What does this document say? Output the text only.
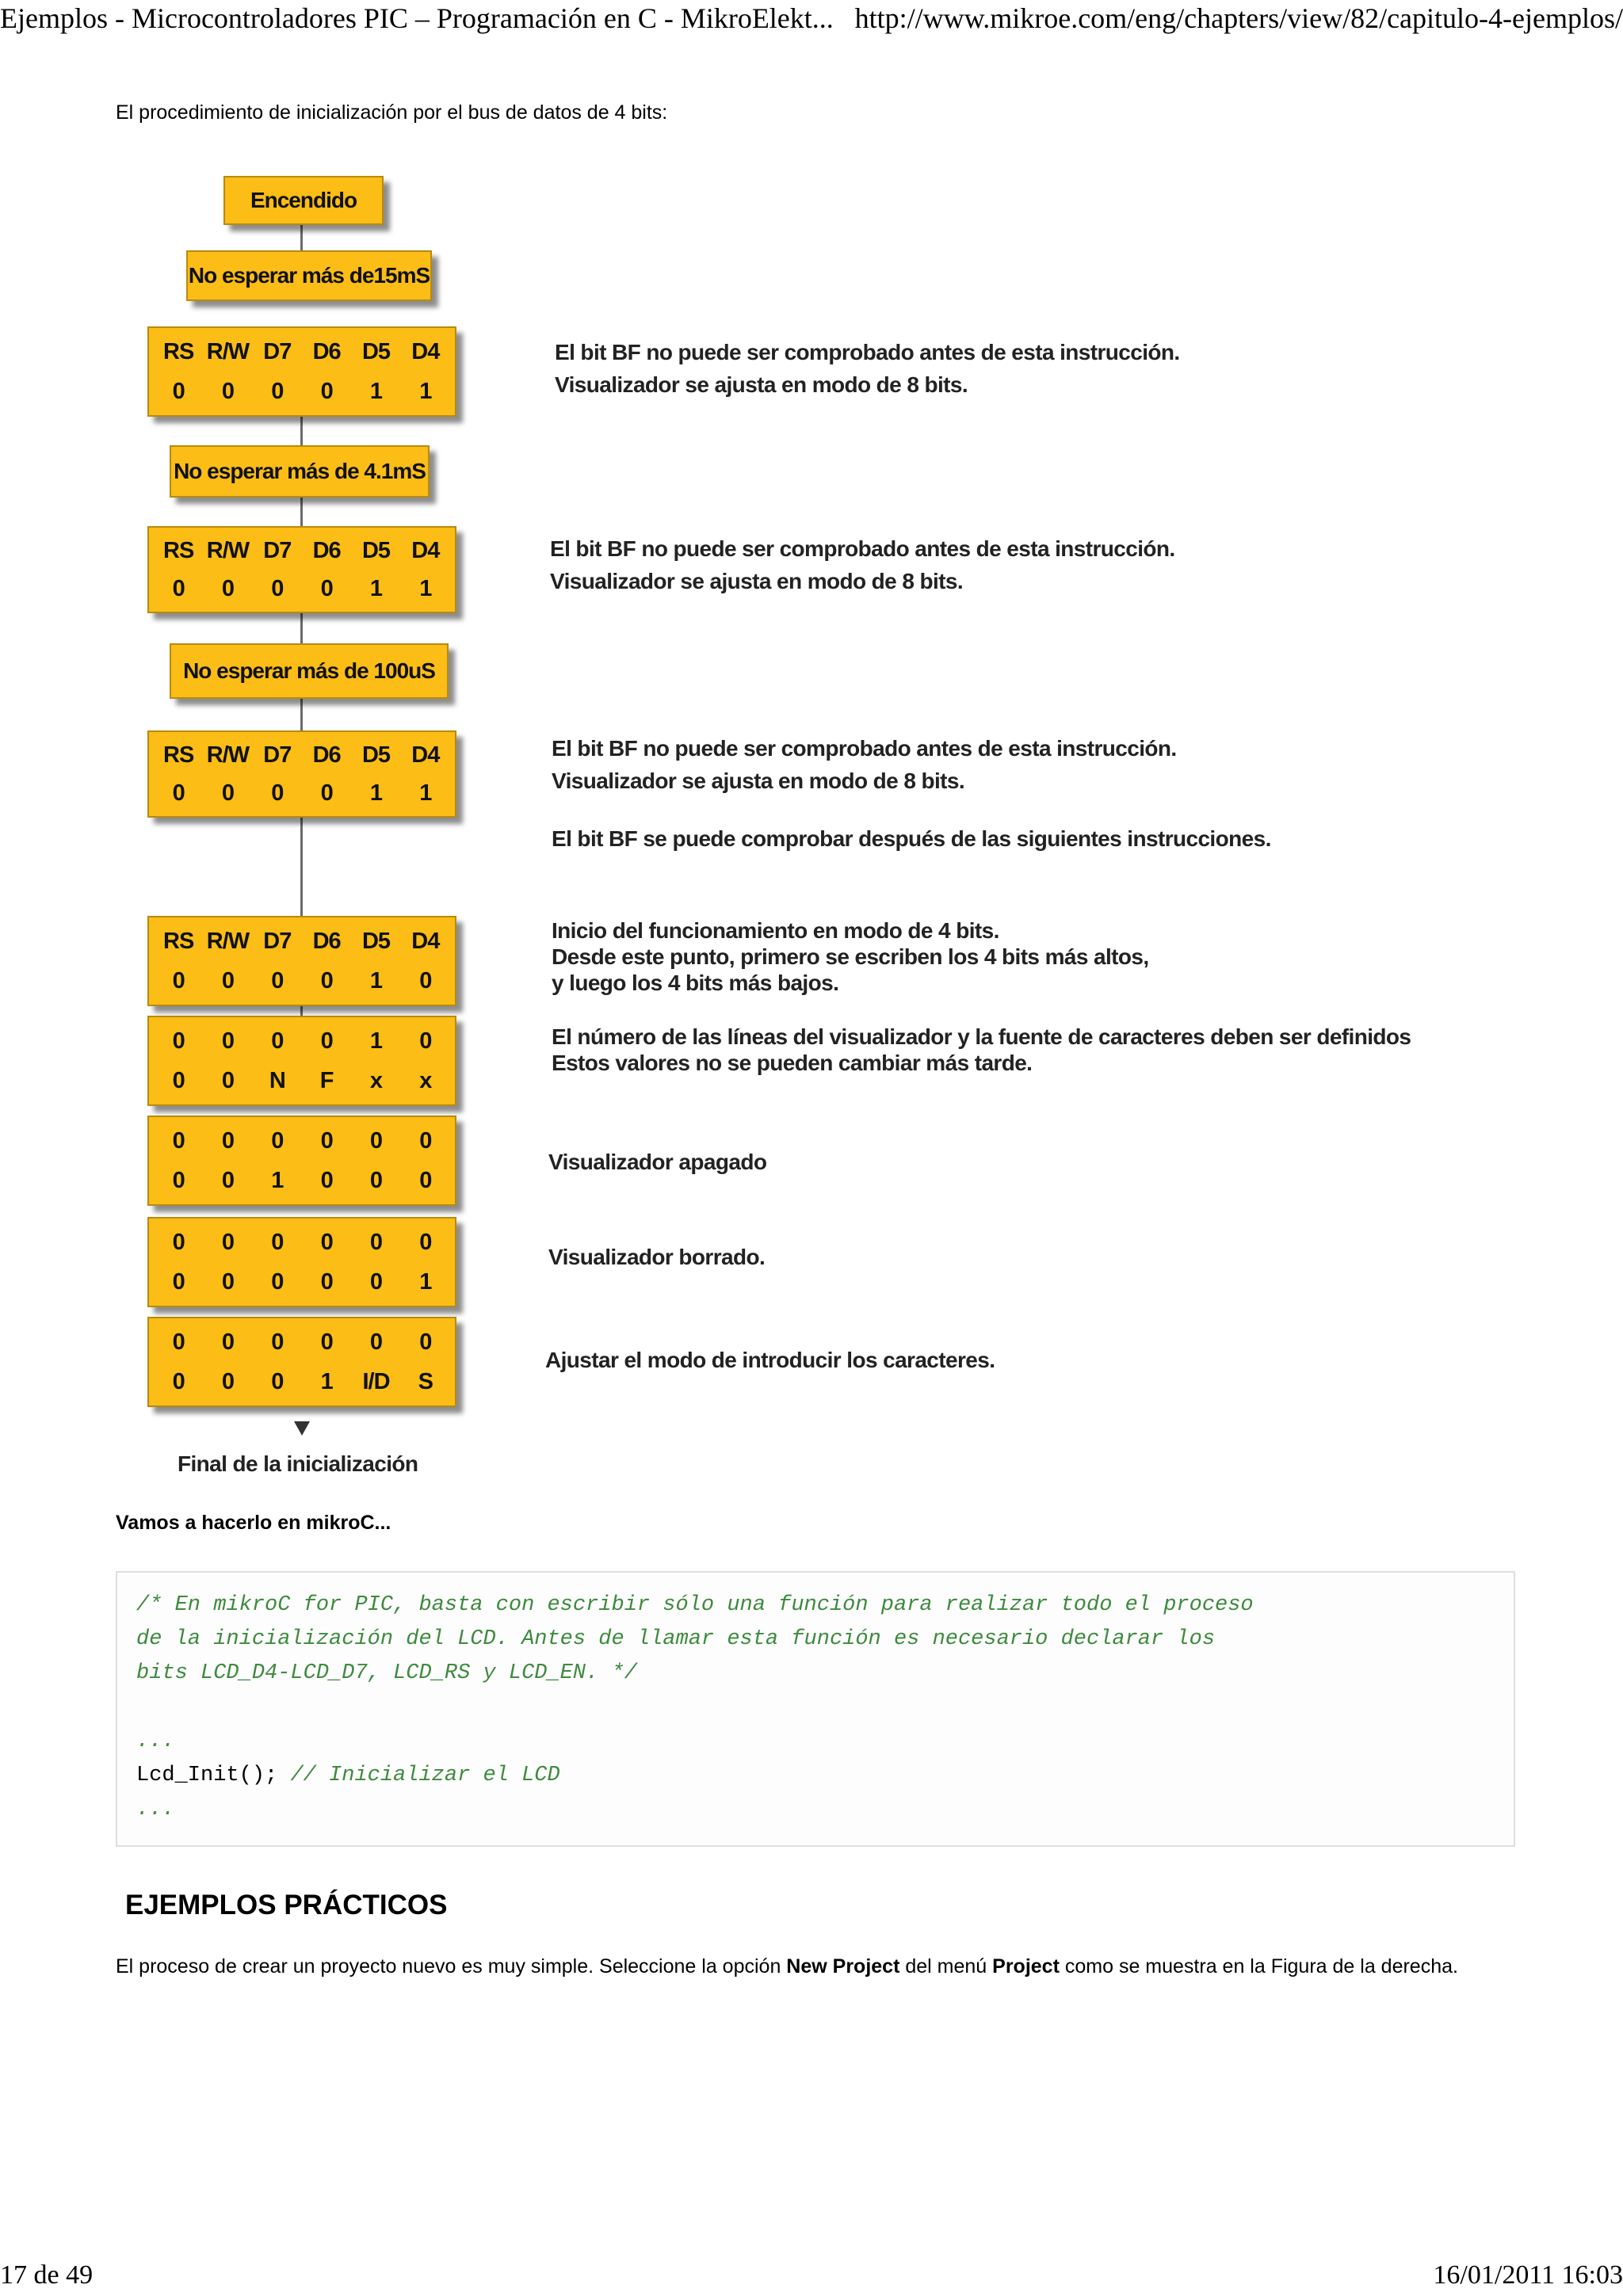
Ejemplos - Microcontroladores PIC – Programación en C - MikroElekt... http://www.mikroe.com/eng/chapters/view/82/capitulo-4-ejemplos/
El procedimiento de inicialización por el bus de datos de 4 bits:
Encendido
No esperar más de15mS
RS R/W D7 D6 D5 D4
0	0	0	0	1	1
No esperar más de 4.1mS
RS R/W D7 D6 D5 D4
0	0	0	0	1	1
No esperar más de 100uS
RS R/W D7 D6 D5 D4
0	0	0	0	1	1
RS R/W D7 D6 D5 D4
0	0	0	0	1	0
0	0	0	0	1	0
0	0	N	F	x	x
0	0	0	0	0	0
0	0	1	0	0	0
0	0	0	0	0	0
0	0	0	0	0	1
0	0	0	0	0	0
0	0	0	1	I/D	S
Final de la inicialización
El bit BF no puede ser comprobado antes de esta instrucción.
Visualizador se ajusta en modo de 8 bits.
El bit BF no puede ser comprobado antes de esta instrucción.
Visualizador se ajusta en modo de 8 bits.
El bit BF no puede ser comprobado antes de esta instrucción.
Visualizador se ajusta en modo de 8 bits.
El bit BF se puede comprobar después de las siguientes instrucciones.
Inicio del funcionamiento en modo de 4 bits.
Desde este punto, primero se escriben los 4 bits más altos,
y luego los 4 bits más bajos.
El número de las líneas del visualizador y la fuente de caracteres deben ser definidos
Estos valores no se pueden cambiar más tarde.
Visualizador apagado
Visualizador borrado.
Ajustar el modo de introducir los caracteres.
Vamos a hacerlo en mikroC...
/* En mikroC for PIC, basta con escribir sólo una función para realizar todo el proceso
de la inicialización del LCD. Antes de llamar esta función es necesario declarar los
bits LCD_D4-LCD_D7, LCD_RS y LCD_EN. */

...
Lcd_Init(); // Inicializar el LCD
...
EJEMPLOS PRÁCTICOS
El proceso de crear un proyecto nuevo es muy simple. Seleccione la opción New Project del menú Project como se muestra en la Figura de la derecha.
17 de 49	16/01/2011 16:03
